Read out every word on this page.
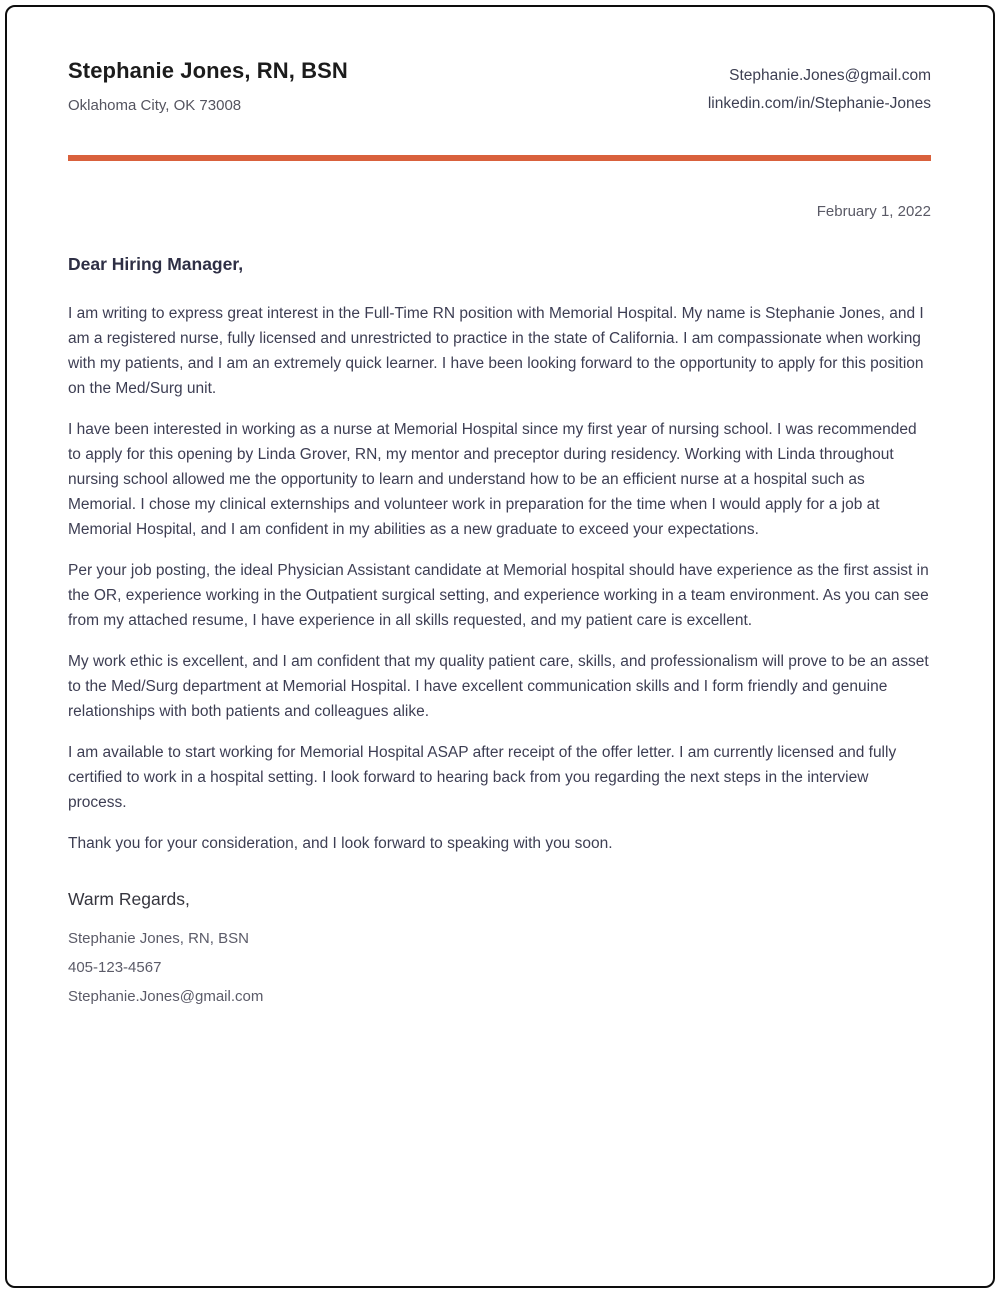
Stephanie Jones, RN, BSN
Oklahoma City, OK 73008
Stephanie.Jones@gmail.com
linkedin.com/in/Stephanie-Jones
February 1, 2022
Dear Hiring Manager,

I am writing to express great interest in the Full-Time RN position with Memorial Hospital. My name is Stephanie Jones, and I am a registered nurse, fully licensed and unrestricted to practice in the state of California. I am compassionate when working with my patients, and I am an extremely quick learner. I have been looking forward to the opportunity to apply for this position on the Med/Surg unit.

I have been interested in working as a nurse at Memorial Hospital since my first year of nursing school. I was recommended to apply for this opening by Linda Grover, RN, my mentor and preceptor during residency. Working with Linda throughout nursing school allowed me the opportunity to learn and understand how to be an efficient nurse at a hospital such as Memorial. I chose my clinical externships and volunteer work in preparation for the time when I would apply for a job at Memorial Hospital, and I am confident in my abilities as a new graduate to exceed your expectations.

Per your job posting, the ideal Physician Assistant candidate at Memorial hospital should have experience as the first assist in the OR, experience working in the Outpatient surgical setting, and experience working in a team environment. As you can see from my attached resume, I have experience in all skills requested, and my patient care is excellent.

My work ethic is excellent, and I am confident that my quality patient care, skills, and professionalism will prove to be an asset to the Med/Surg department at Memorial Hospital. I have excellent communication skills and I form friendly and genuine relationships with both patients and colleagues alike.

I am available to start working for Memorial Hospital ASAP after receipt of the offer letter. I am currently licensed and fully certified to work in a hospital setting. I look forward to hearing back from you regarding the next steps in the interview process.

Thank you for your consideration, and I look forward to speaking with you soon.

Warm Regards,
Stephanie Jones, RN, BSN
405-123-4567
Stephanie.Jones@gmail.com
